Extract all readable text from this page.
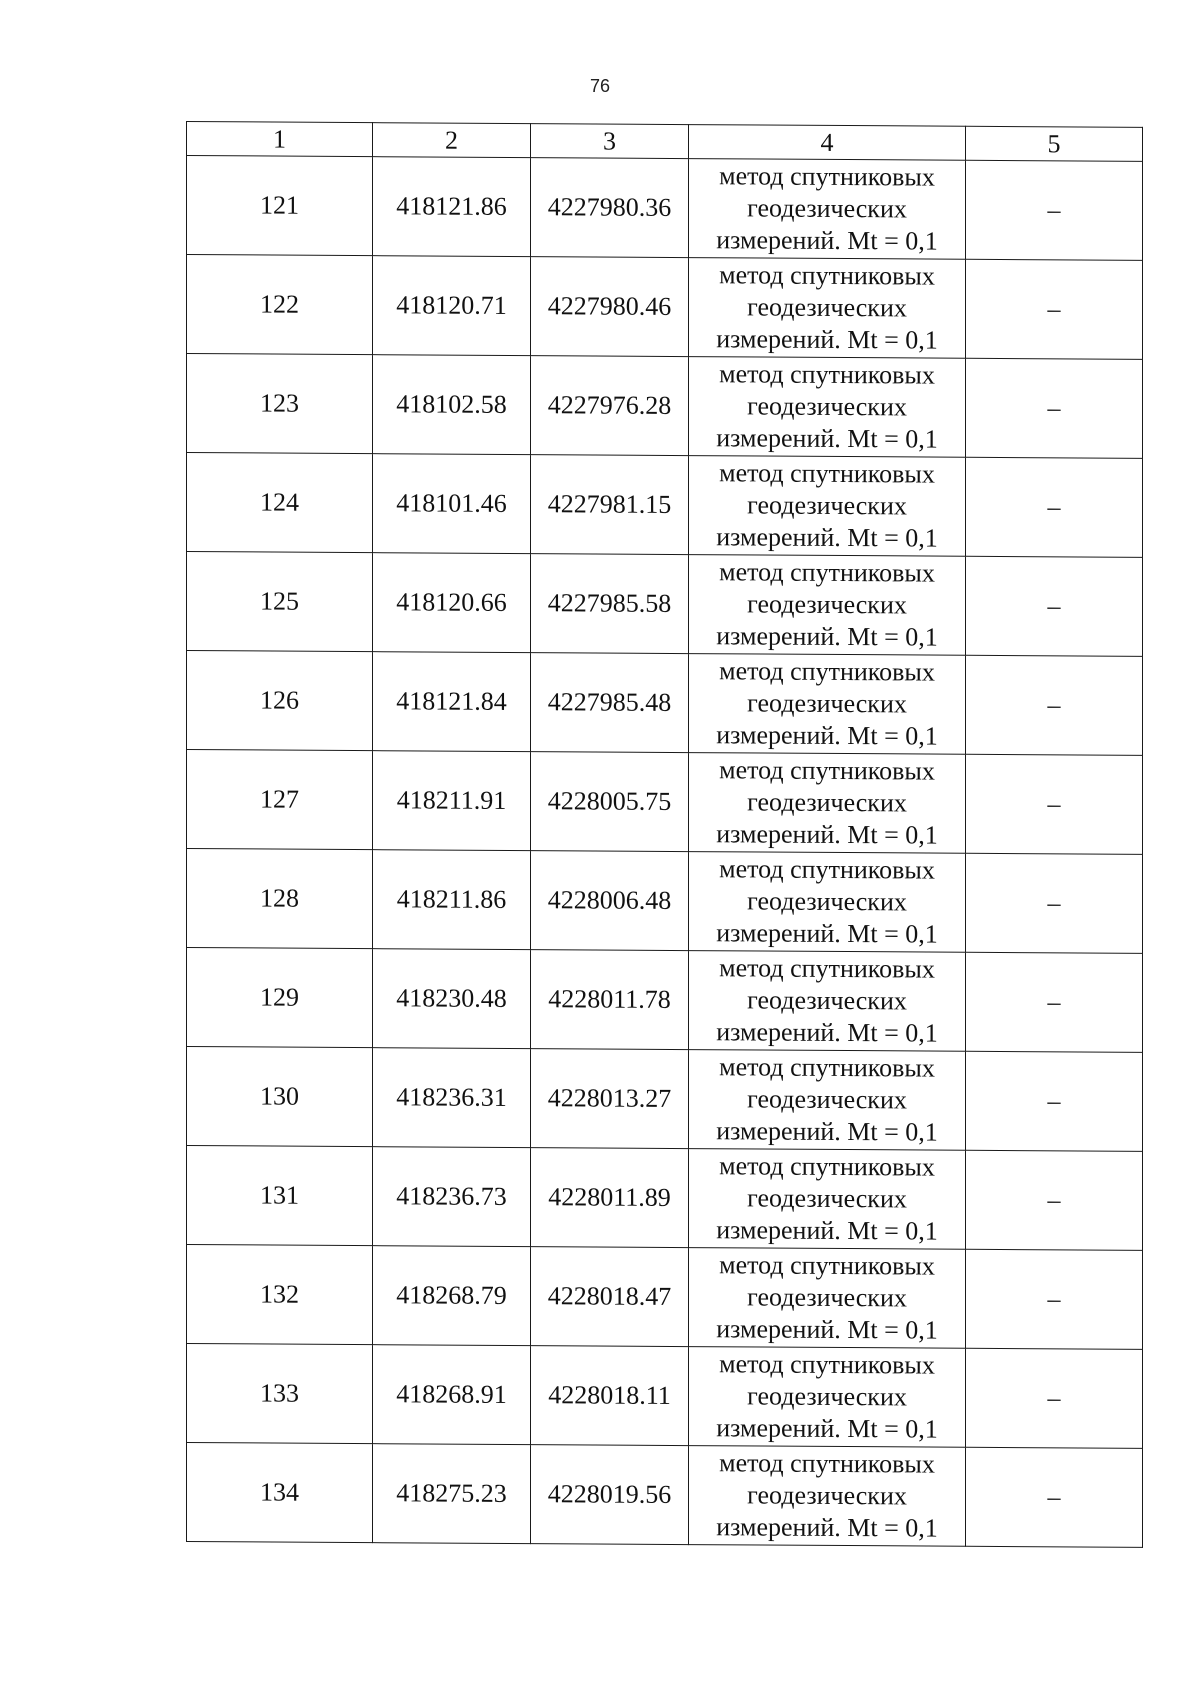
76
1	2	3	4	5
121	418121.86	4227980.36	метод спутниковых
геодезических
измерений. Mt = 0,1	–
122	418120.71	4227980.46	метод спутниковых
геодезических
измерений. Mt = 0,1	–
123	418102.58	4227976.28	метод спутниковых
геодезических
измерений. Mt = 0,1	–
124	418101.46	4227981.15	метод спутниковых
геодезических
измерений. Mt = 0,1	–
125	418120.66	4227985.58	метод спутниковых
геодезических
измерений. Mt = 0,1	–
126	418121.84	4227985.48	метод спутниковых
геодезических
измерений. Mt = 0,1	–
127	418211.91	4228005.75	метод спутниковых
геодезических
измерений. Mt = 0,1	–
128	418211.86	4228006.48	метод спутниковых
геодезических
измерений. Mt = 0,1	–
129	418230.48	4228011.78	метод спутниковых
геодезических
измерений. Mt = 0,1	–
130	418236.31	4228013.27	метод спутниковых
геодезических
измерений. Mt = 0,1	–
131	418236.73	4228011.89	метод спутниковых
геодезических
измерений. Mt = 0,1	–
132	418268.79	4228018.47	метод спутниковых
геодезических
измерений. Mt = 0,1	–
133	418268.91	4228018.11	метод спутниковых
геодезических
измерений. Mt = 0,1	–
134	418275.23	4228019.56	метод спутниковых
геодезических
измерений. Mt = 0,1	–
